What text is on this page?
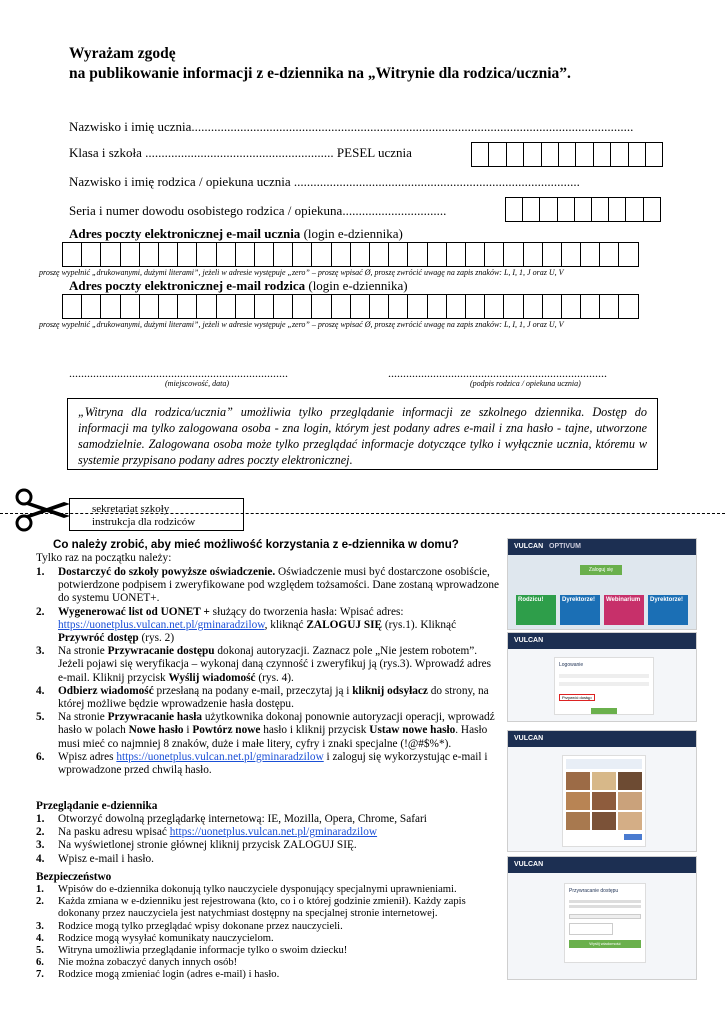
Wyrażam zgodę
na publikowanie informacji z e-dziennika na „Witrynie dla rodzica/ucznia”.
Nazwisko i imię ucznia........................................................................................................................................
Klasa i szkoła .......................................................... PESEL ucznia
Nazwisko i imię rodzica / opiekuna ucznia ........................................................................................
Seria i numer dowodu osobistego rodzica / opiekuna................................
Adres poczty elektronicznej e-mail ucznia (login e-dziennika)
proszę wypełnić „drukowanymi, dużymi literami”, jeżeli w adresie występuje „zero” – proszę wpisać Ø, proszę zwrócić uwagę na zapis znaków: L, I, 1, J oraz U, V
Adres poczty elektronicznej e-mail rodzica (login e-dziennika)
proszę wypełnić „drukowanymi, dużymi literami”, jeżeli w adresie występuje „zero” – proszę wpisać Ø, proszę zwrócić uwagę na zapis znaków: L, I, 1, J oraz U, V
.........................................................................
(miejscowość, data)
.........................................................................
(podpis rodzica / opiekuna ucznia)
„Witryna dla rodzica/ucznia” umożliwia tylko przeglądanie informacji ze szkolnego dziennika. Dostęp do informacji ma tylko zalogowana osoba - zna login, którym jest podany adres e-mail i zna hasło - tajne, utworzone samodzielnie. Zalogowana osoba może tylko przeglądać informacje dotyczące tylko i wyłącznie ucznia, któremu w systemie przypisano podany adres poczty elektronicznej.
sekretariat szkoły
instrukcja dla rodziców
Co należy zrobić, aby mieć możliwość korzystania z e-dziennika w domu?
Tylko raz na początku należy:
1. Dostarczyć do szkoły powyższe oświadczenie. Oświadczenie musi być dostarczone osobiście, potwierdzone podpisem i zweryfikowane pod względem tożsamości. Dane zostaną wprowadzone do systemu UONET+.
2. Wygenerować list od UONET + służący do tworzenia hasła: Wpisać adres: https://uonetplus.vulcan.net.pl/gminaradzilow, kliknąć ZALOGUJ SIĘ (rys.1). Kliknąć Przywróć dostęp (rys. 2)
3. Na stronie Przywracanie dostępu dokonaj autoryzacji. Zaznacz pole „Nie jestem robotem”. Jeżeli pojawi się weryfikacja – wykonaj daną czynność i zweryfikuj ją (rys.3). Wprowadź adres e-mail. Kliknij przycisk Wyślij wiadomość (rys. 4).
4. Odbierz wiadomość przesłaną na podany e-mail, przeczytaj ją i kliknij odsyłacz do strony, na której możliwe będzie wprowadzenie hasła dostępu.
5. Na stronie Przywracanie hasła użytkownika dokonaj ponownie autoryzacji operacji, wprowadź hasło w polach Nowe hasło i Powtórz nowe hasło i kliknij przycisk Ustaw nowe hasło. Hasło musi mieć co najmniej 8 znaków, duże i małe litery, cyfry i znaki specjalne (!@#$%*).
6. Wpisz adres https://uonetplus.vulcan.net.pl/gminaradzilow i zaloguj się wykorzystując e-mail i wprowadzone przed chwilą hasło.
Przeglądanie e-dziennika
1. Otworzyć dowolną przeglądarkę internetową: IE, Mozilla, Opera, Chrome, Safari
2. Na pasku adresu wpisać https://uonetplus.vulcan.net.pl/gminaradzilow
3. Na wyświetlonej stronie głównej kliknij przycisk ZALOGUJ SIĘ.
4. Wpisz e-mail i hasło.
Bezpieczeństwo
1. Wpisów do e-dziennika dokonują tylko nauczyciele dysponujący specjalnymi uprawnieniami.
2. Każda zmiana w e-dzienniku jest rejestrowana (kto, co i o której godzinie zmienił). Każdy zapis dokonany przez nauczyciela jest natychmiast dostępny na specjalnej stronie internetowej.
3. Rodzice mogą tylko przeglądać wpisy dokonane przez nauczycieli.
4. Rodzice mogą wysyłać komunikaty nauczycielom.
5. Witryna umożliwia przeglądanie informacje tylko o swoim dziecku!
6. Nie można zobaczyć danych innych osób!
7. Rodzice mogą zmieniać login (adres e-mail) i hasło.
VULCAN OPTIVUM
Zaloguj się
Rodzicu!	Dyrektorze!	Webinarium	Dyrektorze!
VULCAN
Logowanie
Przywróć dostęp
VULCAN
VULCAN
Przywracanie dostępu
Wyślij wiadomość
